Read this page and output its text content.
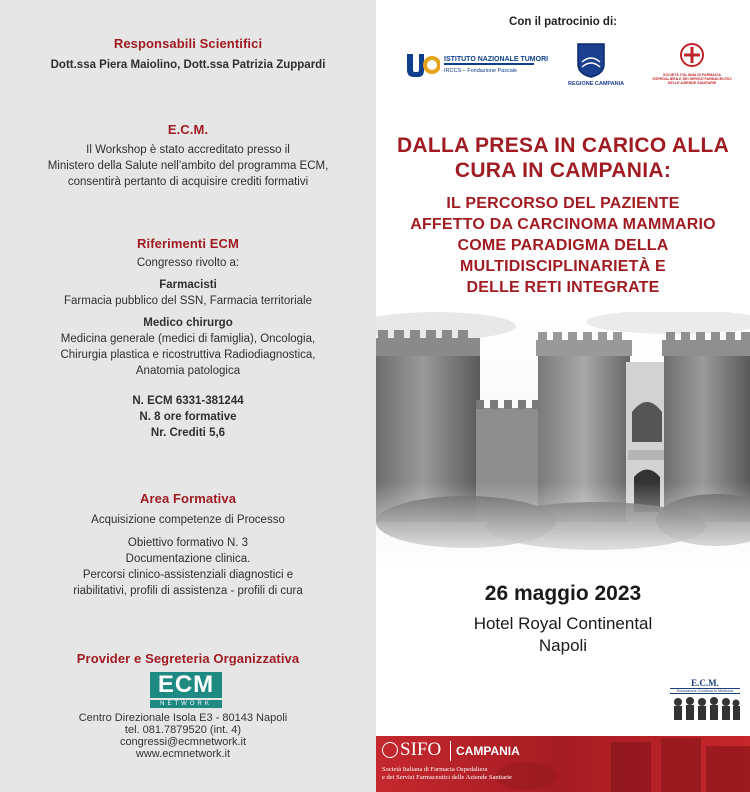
Responsabili Scientifici
Dott.ssa Piera Maiolino, Dott.ssa Patrizia Zuppardi
E.C.M.
Il Workshop è stato accreditato presso il
Ministero della Salute nell’ambito del programma ECM,
consentirà pertanto di acquisire crediti formativi
Riferimenti ECM
Congresso rivolto a:
Farmacisti
Farmacia pubblico del SSN, Farmacia territoriale
Medico chirurgo
Medicina generale (medici di famiglia), Oncologia,
Chirurgia plastica e ricostruttiva Radiodiagnostica,
Anatomia patologica
N. ECM 6331-381244
N. 8 ore formative
Nr. Crediti 5,6
Area Formativa
Acquisizione competenze di Processo
Obiettivo formativo N. 3
Documentazione clinica.
Percorsi clinico-assistenziali diagnostici e
riabilitativi, profili di assistenza - profili di cura
Provider e Segreteria Organizzativa
ECM
NETWORK
Centro Direzionale Isola E3 - 80143 Napoli
tel. 081.7879520 (int. 4)
congressi@ecmnetwork.it
www.ecmnetwork.it
Con il patrocinio di:
ISTITUTO NAZIONALE TUMORI
IRCCS – Fondazione Pascale
REGIONE CAMPANIA
SOCIETÀ ITALIANA DI FARMACIA OSPEDALIERA E DEI SERVIZI FARMACEUTICI DELLE AZIENDE SANITARIE
DALLA PRESA IN CARICO ALLA
CURA IN CAMPANIA:
IL PERCORSO DEL PAZIENTE
AFFETTO DA CARCINOMA MAMMARIO
COME PARADIGMA DELLA
MULTIDISCIPLINARIETÀ E
DELLE RETI INTEGRATE
26 maggio 2023
Hotel Royal Continental
Napoli
E.C.M.
Educazione Continua in Medicina
SIFO CAMPANIA
Società Italiana di Farmacia Ospedaliera
e dei Servizi Farmaceutici delle Aziende Sanitarie
